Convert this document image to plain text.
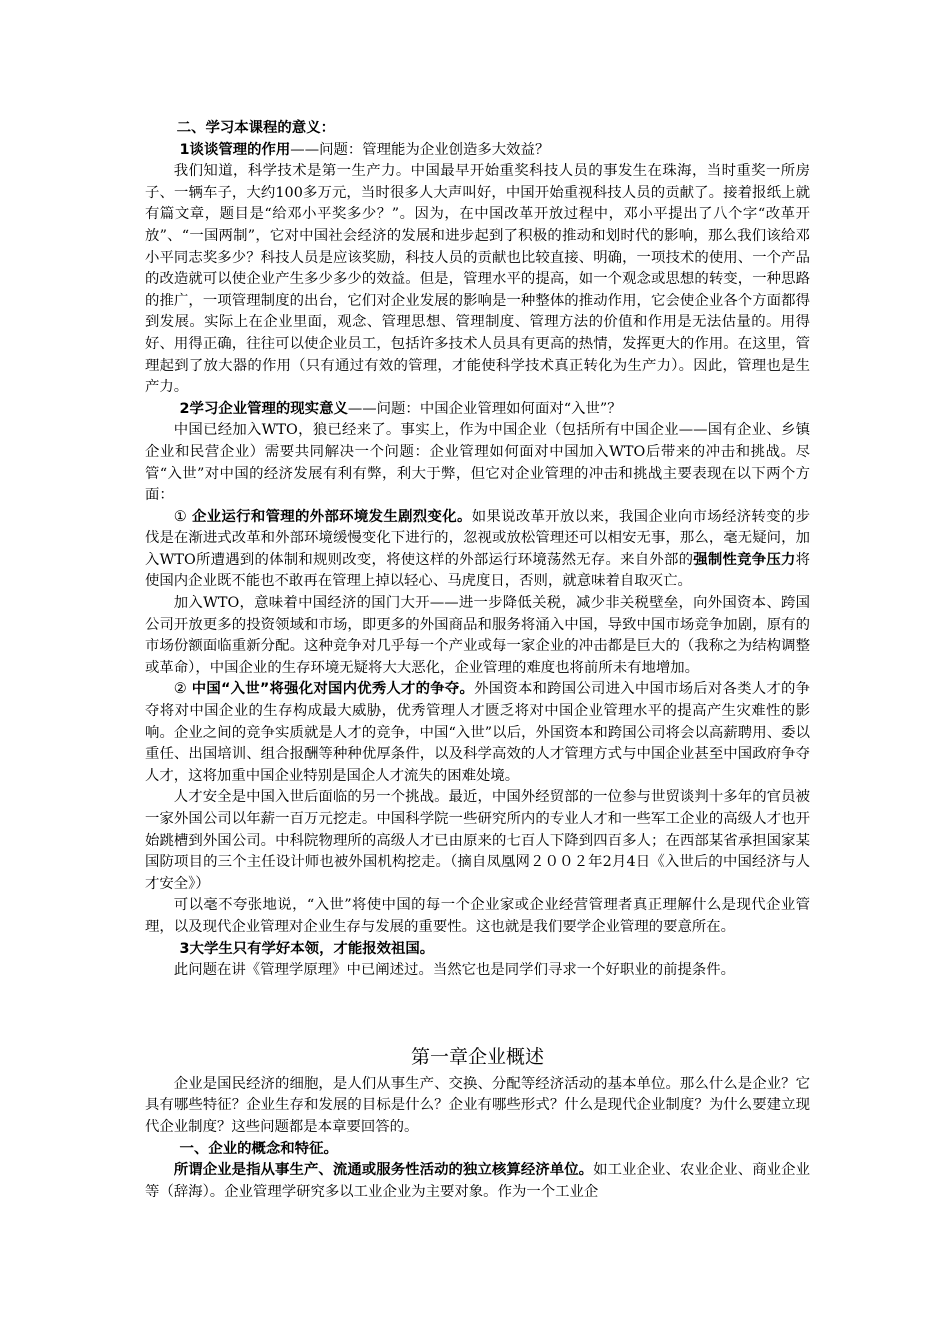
二、学习本课程的意义：

1谈谈管理的作用——问题：管理能为企业创造多大效益？

我们知道，科学技术是第一生产力。中国最早开始重奖科技人员的事发生在珠海，当时重奖一所房子、一辆车子，大约100多万元，当时很多人大声叫好，中国开始重视科技人员的贡献了。接着报纸上就有篇文章，题目是“给邓小平奖多少？”。因为，在中国改革开放过程中，邓小平提出了八个字“改革开放”、“一国两制”，它对中国社会经济的发展和进步起到了积极的推动和划时代的影响，那么我们该给邓小平同志奖多少？科技人员是应该奖励，科技人员的贡献也比较直接、明确，一项技术的使用、一个产品的改造就可以使企业产生多少多少的效益。但是，管理水平的提高，如一个观念或思想的转变，一种思路的推广，一项管理制度的出台，它们对企业发展的影响是一种整体的推动作用，它会使企业各个方面都得到发展。实际上在企业里面，观念、管理思想、管理制度、管理方法的价值和作用是无法估量的。用得好、用得正确，往往可以使企业员工，包括许多技术人员具有更高的热情，发挥更大的作用。在这里，管理起到了放大器的作用（只有通过有效的管理，才能使科学技术真正转化为生产力）。因此，管理也是生产力。

2学习企业管理的现实意义——问题：中国企业管理如何面对“入世”？

中国已经加入WTO，狼已经来了。事实上，作为中国企业（包括所有中国企业——国有企业、乡镇企业和民营企业）需要共同解决一个问题：企业管理如何面对中国加入WTO后带来的冲击和挑战。尽管“入世”对中国的经济发展有利有弊，利大于弊，但它对企业管理的冲击和挑战主要表现在以下两个方面：

① 企业运行和管理的外部环境发生剧烈变化。如果说改革开放以来，我国企业向市场经济转变的步伐是在渐进式改革和外部环境缓慢变化下进行的，忽视或放松管理还可以相安无事，那么，毫无疑问，加入WTO所遭遇到的体制和规则改变，将使这样的外部运行环境荡然无存。来自外部的强制性竞争压力将使国内企业既不能也不敢再在管理上掉以轻心、马虎度日，否则，就意味着自取灭亡。

加入WTO，意味着中国经济的国门大开——进一步降低关税，减少非关税壁垒，向外国资本、跨国公司开放更多的投资领域和市场，即更多的外国商品和服务将涌入中国，导致中国市场竞争加剧，原有的市场份额面临重新分配。这种竞争对几乎每一个产业或每一家企业的冲击都是巨大的（我称之为结构调整或革命），中国企业的生存环境无疑将大大恶化，企业管理的难度也将前所未有地增加。

② 中国“入世”将强化对国内优秀人才的争夺。外国资本和跨国公司进入中国市场后对各类人才的争夺将对中国企业的生存构成最大威胁，优秀管理人才匮乏将对中国企业管理水平的提高产生灾难性的影响。企业之间的竞争实质就是人才的竞争，中国“入世”以后，外国资本和跨国公司将会以高薪聘用、委以重任、出国培训、组合报酬等种种优厚条件，以及科学高效的人才管理方式与中国企业甚至中国政府争夺人才，这将加重中国企业特别是国企人才流失的困难处境。

人才安全是中国入世后面临的另一个挑战。最近，中国外经贸部的一位参与世贸谈判十多年的官员被一家外国公司以年薪一百万元挖走。中国科学院一些研究所内的专业人才和一些军工企业的高级人才也开始跳槽到外国公司。中科院物理所的高级人才已由原来的七百人下降到四百多人；在西部某省承担国家某国防项目的三个主任设计师也被外国机构挖走。（摘自凤凰网２００２年2月4日《入世后的中国经济与人才安全》）

可以毫不夸张地说，“入世”将使中国的每一个企业家或企业经营管理者真正理解什么是现代企业管理，以及现代企业管理对企业生存与发展的重要性。这也就是我们要学企业管理的要意所在。

3大学生只有学好本领，才能报效祖国。

此问题在讲《管理学原理》中已阐述过。当然它也是同学们寻求一个好职业的前提条件。

第一章企业概述

企业是国民经济的细胞，是人们从事生产、交换、分配等经济活动的基本单位。那么什么是企业？它具有哪些特征？企业生存和发展的目标是什么？企业有哪些形式？什么是现代企业制度？为什么要建立现代企业制度？这些问题都是本章要回答的。

一、企业的概念和特征。

所谓企业是指从事生产、流通或服务性活动的独立核算经济单位。如工业企业、农业企业、商业企业等（辞海）。企业管理学研究多以工业企业为主要对象。作为一个工业企
